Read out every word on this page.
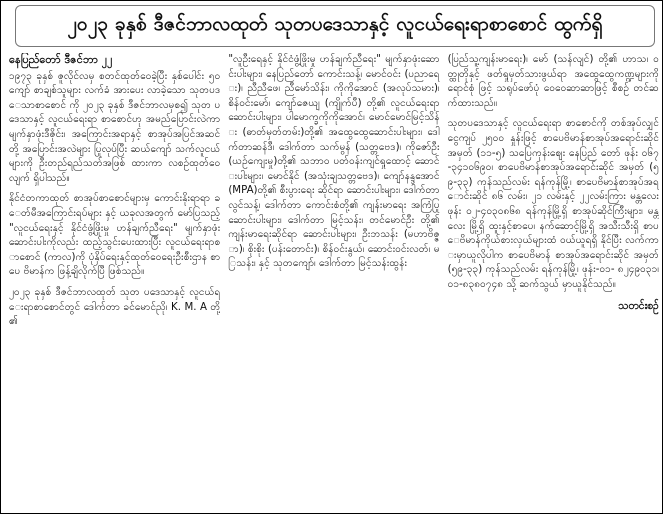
၂၀၂၃ ခုနှစ် ဒီဇင်ဘာလထုတ် သုတပဒေသာနှင့် လူငယ်ရေးရာစာစောင် ထွက်ရှိ
နေပြည်တော် ဒီဇင်ဘာ ၂၂

၁၉၇၃ ခုနှစ် ဇူလိုင်လမှ စတင်ထုတ်ဝေခဲ့ပြီး နှစ်ပေါင်း ၅၀ ကျော် စာချစ်သူများ လက်ခံ အားပေး လာခဲ့သော သုတပဒေသာစာစောင် ကို ၂၀၂၃ ခုနှစ် ဒီဇင်ဘာလမှစ၍ သုတ ပဒေသာနှင့် လူငယ်ရေးရာ စာစောင်ဟု အမည်ပြောင်းလဲကာ မျက်နှာဖုံးဒီဇိုင်း၊ အကြောင်းအရာနှင့် စာအုပ်အပြင်အဆင်တို့ အပြောင်းအလဲများ ပြုလုပ်ပြီး ဆယ်ကျော် သက်လူငယ်များကို ဦးတည်ရည်သတ်အဖြစ် ထားကာ လစဉ်ထုတ်ဝေလျက် ရှိပါသည်။

နိုင်ငံတကာထုတ် စာအုပ်စာစောင်များမှ ကောင်းနိုးရာရာ ခေတ်မီအကြောင်းရပ်များ နှင့် ယခုလအတွက် မော်ပြသည့် "လူငယ်ရေးနှင့် နိုင်ငံဖွံ့ဖြိုးမှု ဟန်ချက်ညီရေး" မျက်နှာဖုံး ဆောင်းပါးကိုလည်း ထည့်သွင်းပေးထားပြီး လူငယ်ရေးရာစာစောင် (ကာလ)ကို ပုံနှိပ်ရေးနှင့်ထုတ်ဝေရေးဦးစီးဌာန စာပေ ဗိမာန်က ဖြန့်ချိလိုက်ပြီ ဖြစ်သည်။

၂၀၂၃ ခုနှစ် ဒီဇင်ဘာလထုတ် သုတ ပဒေသာနှင့် လူငယ်ရေးရာစာစောင်တွင် ဒေါက်တာ ခင်မောင်ညို၊ K. M. A တို့၏

"လူဦးရေနှင့် နိုင်ငံဖွံ့ဖြိုးမှု ဟန်ချက်ညီရေး" မျက်နှာဖုံးဆောင်းပါးများ၊ နေပြည်တော် ကောင်းသန့်၊ မောင်ဝင်း (ပညာရေး)၊ ညီညီဖေ၊ ညီမော်သိန်း၊ ကိုကိုအောင် (အလုပ်သမား)၊ စိန်ဝင်းမော်၊ ကျော်ဇေယျ (ကျိုက်ပီ) တို့၏ လူငယ်ရေးရာဆောင်းပါးများ၊ ပါမောက္ခကိုကိုအောင်၊ မောင်မောင်မြင့်သိန်း (ဓာတ်မှတ်တမ်း)တို့၏ အထွေထွေဆောင်းပါးများ၊ ဒေါက်တာဆန်ဒီ၊ ဒေါက်တာ သက်မွန် (သတ္တဗေဒ)၊ ကိုဇော်ဦး (ယဉ်ကျေးမှု)တို့၏ သဘာဝ ပတ်ဝန်းကျင်ရှုထောင့် ဆောင်းပါးများ၊ မောင်နိုင် (အသုံးချသတ္တဗေဒ)၊ ကျော်နန္ဒအောင် (MPA)တို့၏ စီးပွားရေး ဆိုင်ရာ ဆောင်းပါးများ၊ ဒေါက်တာ လွင်သန့်၊ ဒေါက်တာ ကောင်းစံတို့၏ ကျန်းမာရေး အကြံပြုဆောင်းပါးများ၊ ဒေါက်တာ မြင့်သန်း၊ တင်မောင်ဦး တို့၏ ကျန်းမာရေးဆိုင်ရာ ဆောင်းပါးများ၊ ဦးဘသန်း (မဟာဗိဇ္ဇာ)၊ စိုးစိုး (ပန်းတောင်း)၊ စိန်ဝင်းနွယ်၊ ဆောင်းဝင်းလတ်၊ မြသန်း၊ နှင့် သုတကျော်၊ ဒေါက်တာ မြင့်သန်းထွန်း

(ပြည်သူ့ကျန်းမာရေး)၊ မော် (သန်လျင်) တို့၏ ဟာသ၊ ဝတ္ထုတိုနှင့် ဖတ်ရှုမှတ်သားဖွယ်ရာ အထွေထွေကဏ္ဍများကို ရောင်စုံ ဖြင့် သရုပ်ဖော်ပုံ ဝေဝေဆာဆာဖြင့် စီစဉ် တင်ဆက်ထားသည်။

သုတပဒေသာနှင့် လူငယ်ရေးရာ စာစောင်ကို တစ်အုပ်လျှင် ငွေကျပ် ၂၅၀၀ နှုန်းဖြင့် စာပေဗိမာန်စာအုပ်အရောင်းဆိုင် အမှတ် (၁၁-၅) သပြေကုန်းဈေး နေပြည် တော် ဖုန်း ၀၆၇-၃၄၁၀၆၉၀၊ စာပေဗိမာန်စာအုပ်အရောင်းဆိုင် အမှတ် (၅၉-၃၃) ကုန်သည်လမ်း ရန်ကုန်မြို့၊ စာပေဗိမာန်စာအုပ်အရောင်းဆိုင် ၈၆ လမ်း၊ ၂၁ လမ်းနှင့် ၂၂လမ်းကြား မန္တလေး ဖုန်း ၀၂-၄၀၃၀၈၆၈ ရန်ကုန်မြို့ရှိ စာအုပ်ဆိုင်ကြီးများ၊ မန္တလေး မြို့ရှိ ထူးနှင့်စာပေ၊ နက်ဆောင့်မြို့ရှိ အသီးသီးရှိ စာပေဗိမာန်ကိုယ်စားလှယ်များထံ ဝယ်ယူရရှိ နိုင်ပြီး လက်ကားမှာယူလိုပါက စာပေဗိမာန် စာအုပ်အရောင်းဆိုင် အမှတ် (၅၉-၃၃) ကုန်သည်လမ်း ရန်ကုန်မြို့၊ ဖုန်း-၀၁- ၈၂၄၉၀၃၁၊ ၀၁-၈၃၈၀၇၄၈ သို့ ဆက်သွယ် မှာယူနိုင်သည်။

သတင်းစဉ်
